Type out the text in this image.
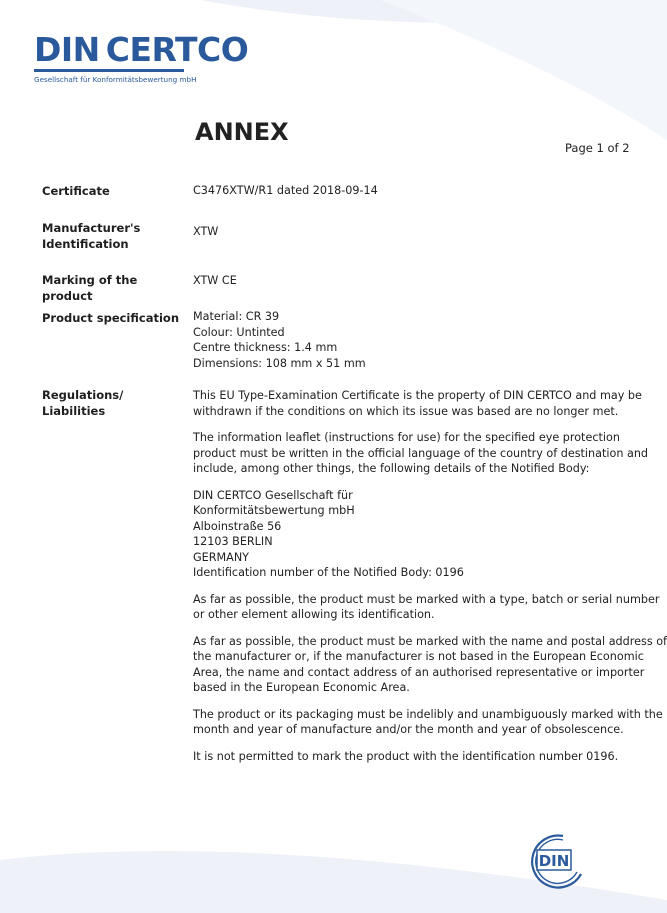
DIN CERTCO
Gesellschaft für Konformitätsbewertung mbH
ANNEX
Page 1 of 2
Certificate	C3476XTW/R1 dated 2018-09-14
Manufacturer's
Identification
XTW
Marking of the product
XTW CE
Product specification Material: CR 39
Colour: Untinted
Centre thickness: 1.4 mm
Dimensions: 108 mm x 51 mm
Regulations/
Liabilities

This EU Type-Examination Certificate is the property of DIN CERTCO and may be
withdrawn if the conditions on which its issue was based are no longer met.

The information leaflet (instructions for use) for the specified eye protection
product must be written in the official language of the country of destination and
include, among other things, the following details of the Notified Body:

DIN CERTCO Gesellschaft für
Konformitätsbewertung mbH
Alboinstraße 56
12103 BERLIN
GERMANY
Identification number of the Notified Body: 0196

As far as possible, the product must be marked with a type, batch or serial number
or other element allowing its identification.

As far as possible, the product must be marked with the name and postal address of
the manufacturer or, if the manufacturer is not based in the European Economic
Area, the name and contact address of an authorised representative or importer
based in the European Economic Area.

The product or its packaging must be indelibly and unambiguously marked with the
month and year of manufacture and/or the month and year of obsolescence.

It is not permitted to mark the product with the identification number 0196.

DIN
